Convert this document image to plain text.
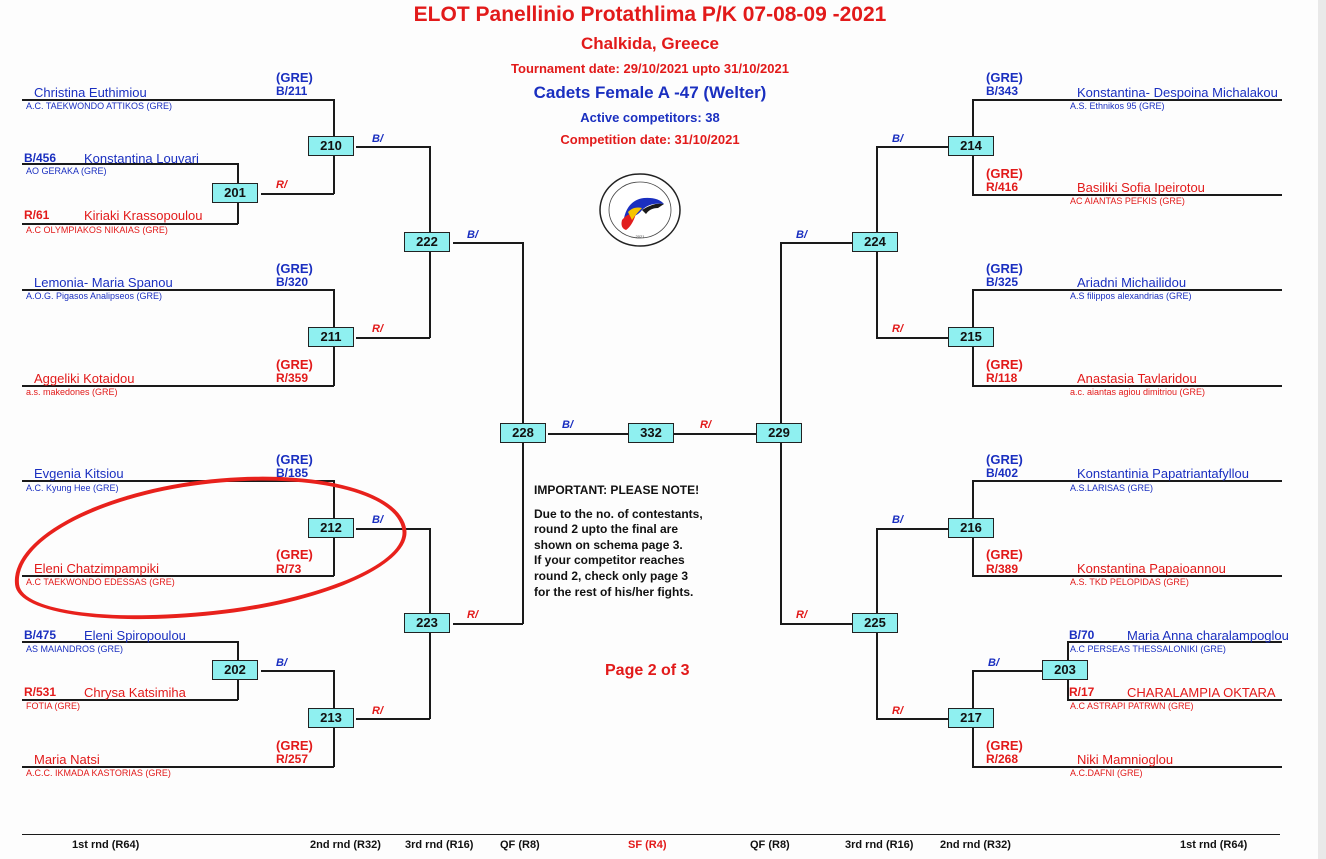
ELOT Panellinio Protathlima P/K 07-08-09 -2021
Chalkida, Greece
Tournament date: 29/10/2021 upto 31/10/2021
Cadets Female A -47 (Welter)
Active competitors: 38
Competition date: 31/10/2021
2021
210
201
222
211
228
212
223
202
213
332	229
214
224
215
216
225
203
217
B/
R/
B/
R/
B/
B/
R/
B/
R/
R/
B/
B/
R/
B/
R/
B/
R/
(GRE)
B/211
Christina Euthimiou
A.C. TAEKWONDO ATTIKOS (GRE)
B/456 Konstantina Louvari
AO GERAKA (GRE)
R/61	Kiriaki Krassopoulou
A.C OLYMPIAKOS NIKAIAS (GRE)
(GRE)
B/320
Lemonia- Maria Spanou
A.O.G. Pigasos Analipseos (GRE)
(GRE)
R/359
Aggeliki Kotaidou
a.s. makedones (GRE)
(GRE)
B/185
Evgenia Kitsiou
A.C. Kyung Hee (GRE)
(GRE)
R/73
Eleni Chatzimpampiki
A.C TAEKWONDO EDESSAS (GRE)
B/475 Eleni Spiropoulou
AS MAIANDROS (GRE)
R/531 Chrysa Katsimiha
FOTIA (GRE)
(GRE)
R/257
Maria Natsi
A.C.C. IKMADA KASTORIAS (GRE)
(GRE)
B/343	Konstantina- Despoina Michalakou
A.S. Ethnikos 95 (GRE)
(GRE)
R/416	Basiliki Sofia Ipeirotou
AC AIANTAS PEFKIS (GRE)
(GRE)
B/325	Ariadni Michailidou
A.S filippos alexandrias (GRE)
(GRE)
R/118	Anastasia Tavlaridou
a.c. aiantas agiou dimitriou (GRE)
(GRE)
B/402	Konstantinia Papatriantafyllou
A.S.LARISAS (GRE)
(GRE)
R/389	Konstantina Papaioannou
A.S. TKD PELOPIDAS (GRE)
B/70	Maria Anna charalampoglou
A.C PERSEAS THESSALONIKI (GRE)
R/17	CHARALAMPIA OKTARA
A.C ASTRAPI PATRWN (GRE)
(GRE)
R/268	Niki Mamnioglou
A.C.DAFNI (GRE)
IMPORTANT: PLEASE NOTE!
Due to the no. of contestants,
round 2 upto the final are
shown on schema page 3.
If your competitor reaches
round 2, check only page 3
for the rest of his/her fights.
Page 2 of 3
1st rnd (R64)	2nd rnd (R32) 3rd rnd (R16) QF (R8)	SF (R4)	QF (R8)	3rd rnd (R16) 2nd rnd (R32)	1st rnd (R64)
